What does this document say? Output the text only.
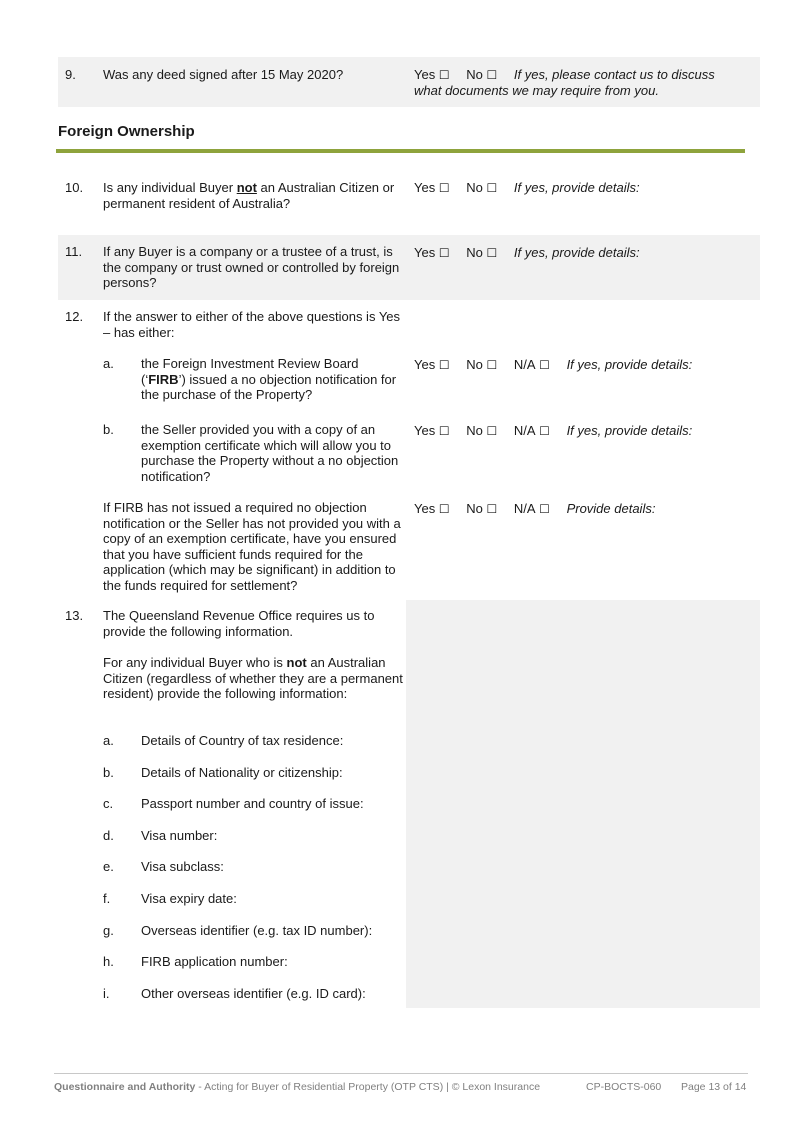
9. Was any deed signed after 15 May 2020?	Yes ☐ No ☐ If yes, please contact us to discuss
what documents we may require from you.
Foreign Ownership
10. Is any individual Buyer not an Australian Citizen or permanent resident of Australia?
Yes ☐ No ☐ If yes, provide details:
11. If any Buyer is a company or a trustee of a trust, is the company or trust owned or controlled by foreign persons?
Yes ☐ No ☐ If yes, provide details:
12. If the answer to either of the above questions is Yes – has either:
a. the Foreign Investment Review Board (‘FIRB’) issued a no objection notification for the purchase of the Property?
Yes ☐ No ☐ N/A ☐ If yes, provide details:
b. the Seller provided you with a copy of an exemption certificate which will allow you to purchase the Property without a no objection notification?
Yes ☐ No ☐ N/A ☐ If yes, provide details:
If FIRB has not issued a required no objection notification or the Seller has not provided you with a copy of an exemption certificate, have you ensured that you have sufficient funds required for the application (which may be significant) in addition to the funds required for settlement?
Yes ☐ No ☐ N/A ☐ Provide details:
13. The Queensland Revenue Office requires us to provide the following information.
For any individual Buyer who is not an Australian Citizen (regardless of whether they are a permanent resident) provide the following information:
a. Details of Country of tax residence:
b. Details of Nationality or citizenship:
c. Passport number and country of issue:
d. Visa number:
e. Visa subclass:
f. Visa expiry date:
g. Overseas identifier (e.g. tax ID number):
h. FIRB application number:
i. Other overseas identifier (e.g. ID card):
Questionnaire and Authority - Acting for Buyer of Residential Property (OTP CTS) | © Lexon Insurance	CP-BOCTS-060 Page 13 of 14
